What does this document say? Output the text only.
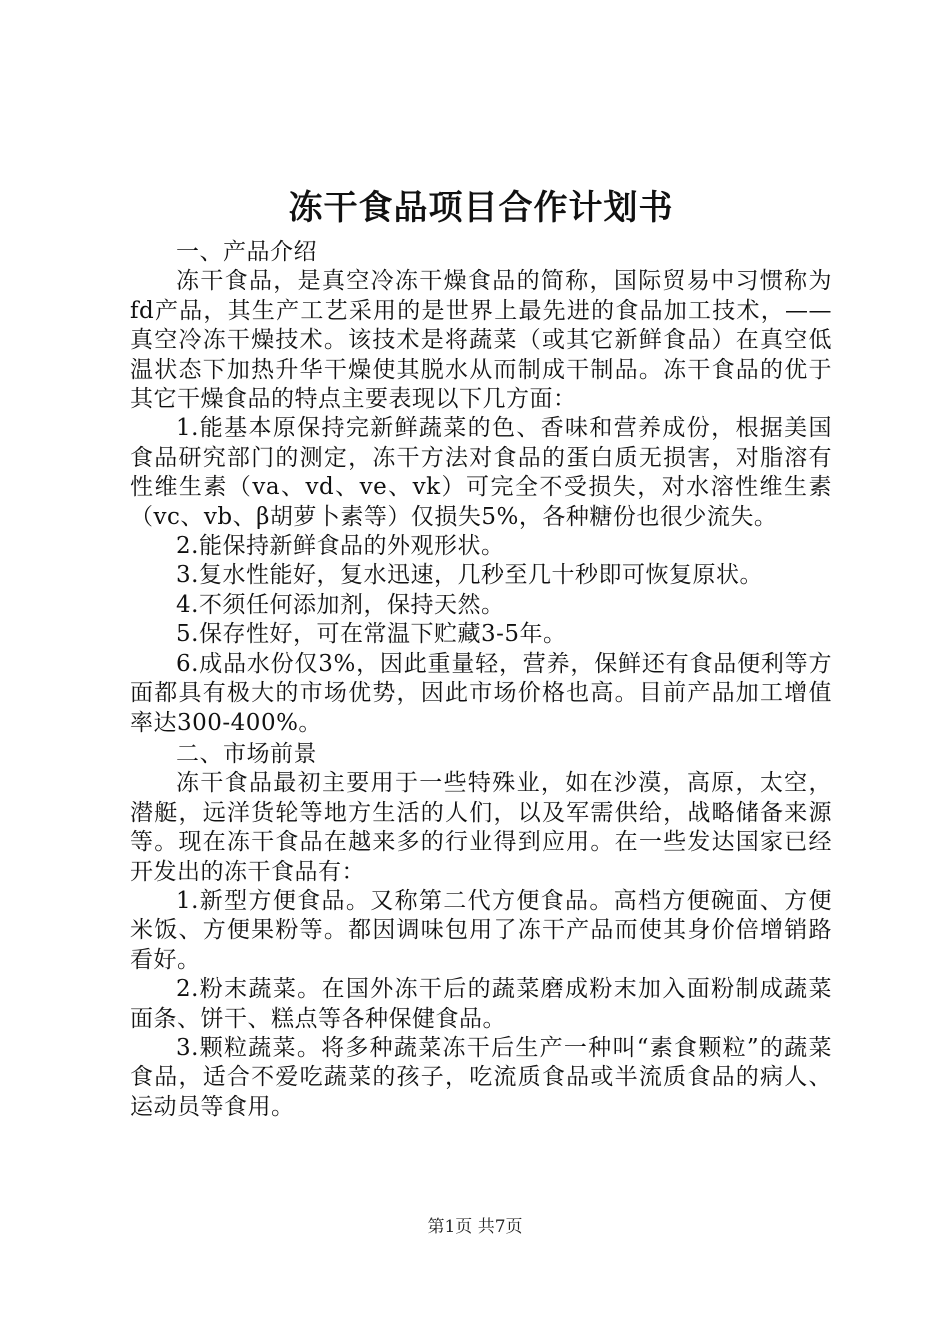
冻干食品项目合作计划书

一、产品介绍

冻干食品，是真空冷冻干燥食品的简称，国际贸易中习惯称为fd产品，其生产工艺采用的是世界上最先进的食品加工技术，——真空冷冻干燥技术。该技术是将蔬菜（或其它新鲜食品）在真空低温状态下加热升华干燥使其脱水从而制成干制品。冻干食品的优于其它干燥食品的特点主要表现以下几方面：

1.能基本原保持完新鲜蔬菜的色、香味和营养成份，根据美国食品研究部门的测定，冻干方法对食品的蛋白质无损害，对脂溶有性维生素（va、vd、ve、vk）可完全不受损失，对水溶性维生素（vc、vb、β胡萝卜素等）仅损失5%，各种糖份也很少流失。

2.能保持新鲜食品的外观形状。

3.复水性能好，复水迅速，几秒至几十秒即可恢复原状。

4.不须任何添加剂，保持天然。

5.保存性好，可在常温下贮藏3-5年。

6.成品水份仅3%，因此重量轻，营养，保鲜还有食品便利等方面都具有极大的市场优势，因此市场价格也高。目前产品加工增值率达300-400%。

二、市场前景

冻干食品最初主要用于一些特殊业，如在沙漠，高原，太空，潜艇，远洋货轮等地方生活的人们，以及军需供给，战略储备来源等。现在冻干食品在越来多的行业得到应用。在一些发达国家已经开发出的冻干食品有：

1.新型方便食品。又称第二代方便食品。高档方便碗面、方便米饭、方便果粉等。都因调味包用了冻干产品而使其身价倍增销路看好。

2.粉末蔬菜。在国外冻干后的蔬菜磨成粉末加入面粉制成蔬菜面条、饼干、糕点等各种保健食品。

3.颗粒蔬菜。将多种蔬菜冻干后生产一种叫“素食颗粒”的蔬菜食品，适合不爱吃蔬菜的孩子，吃流质食品或半流质食品的病人、运动员等食用。

第1页 共7页
